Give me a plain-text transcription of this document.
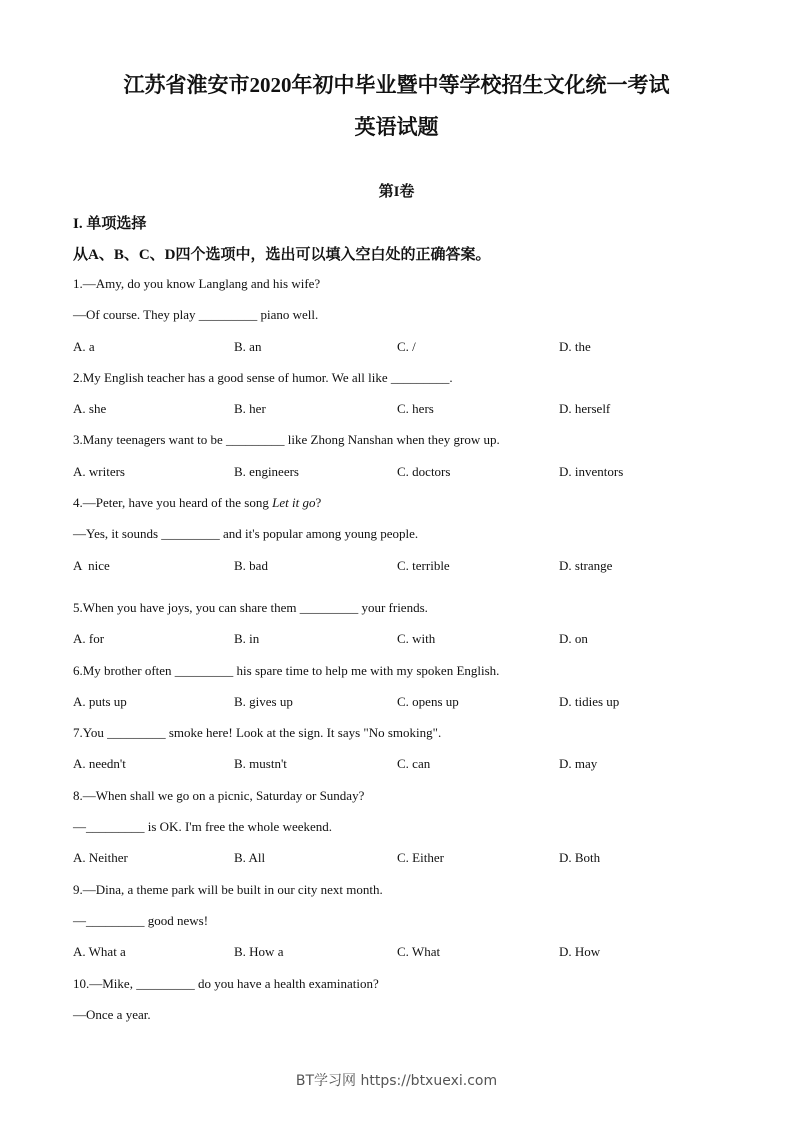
江苏省淮安市2020年初中毕业暨中等学校招生文化统一考试
英语试题
第I卷
I. 单项选择
从A、B、C、D四个选项中，选出可以填入空白处的正确答案。
1.—Amy, do you know Langlang and his wife?
—Of course. They play _________ piano well.
A. a	B. an	C. /	D. the
2.My English teacher has a good sense of humor. We all like _________.
A. she	B. her	C. hers	D. herself
3.Many teenagers want to be _________ like Zhong Nanshan when they grow up.
A. writers	B. engineers	C. doctors	D. inventors
4.—Peter, have you heard of the song Let it go?
—Yes, it sounds _________ and it's popular among young people.
A  nice	B. bad	C. terrible	D. strange
5.When you have joys, you can share them _________ your friends.
A. for	B. in	C. with	D. on
6.My brother often _________ his spare time to help me with my spoken English.
A. puts up	B. gives up	C. opens up	D. tidies up
7.You _________ smoke here! Look at the sign. It says "No smoking".
A. needn't	B. mustn't	C. can	D. may
8.—When shall we go on a picnic, Saturday or Sunday?
—_________ is OK. I'm free the whole weekend.
A. Neither	B. All	C. Either	D. Both
9.—Dina, a theme park will be built in our city next month.
—_________ good news!
A. What a	B. How a	C. What	D. How
10.—Mike, _________ do you have a health examination?
—Once a year.
BT学习网 https://btxuexi.com
